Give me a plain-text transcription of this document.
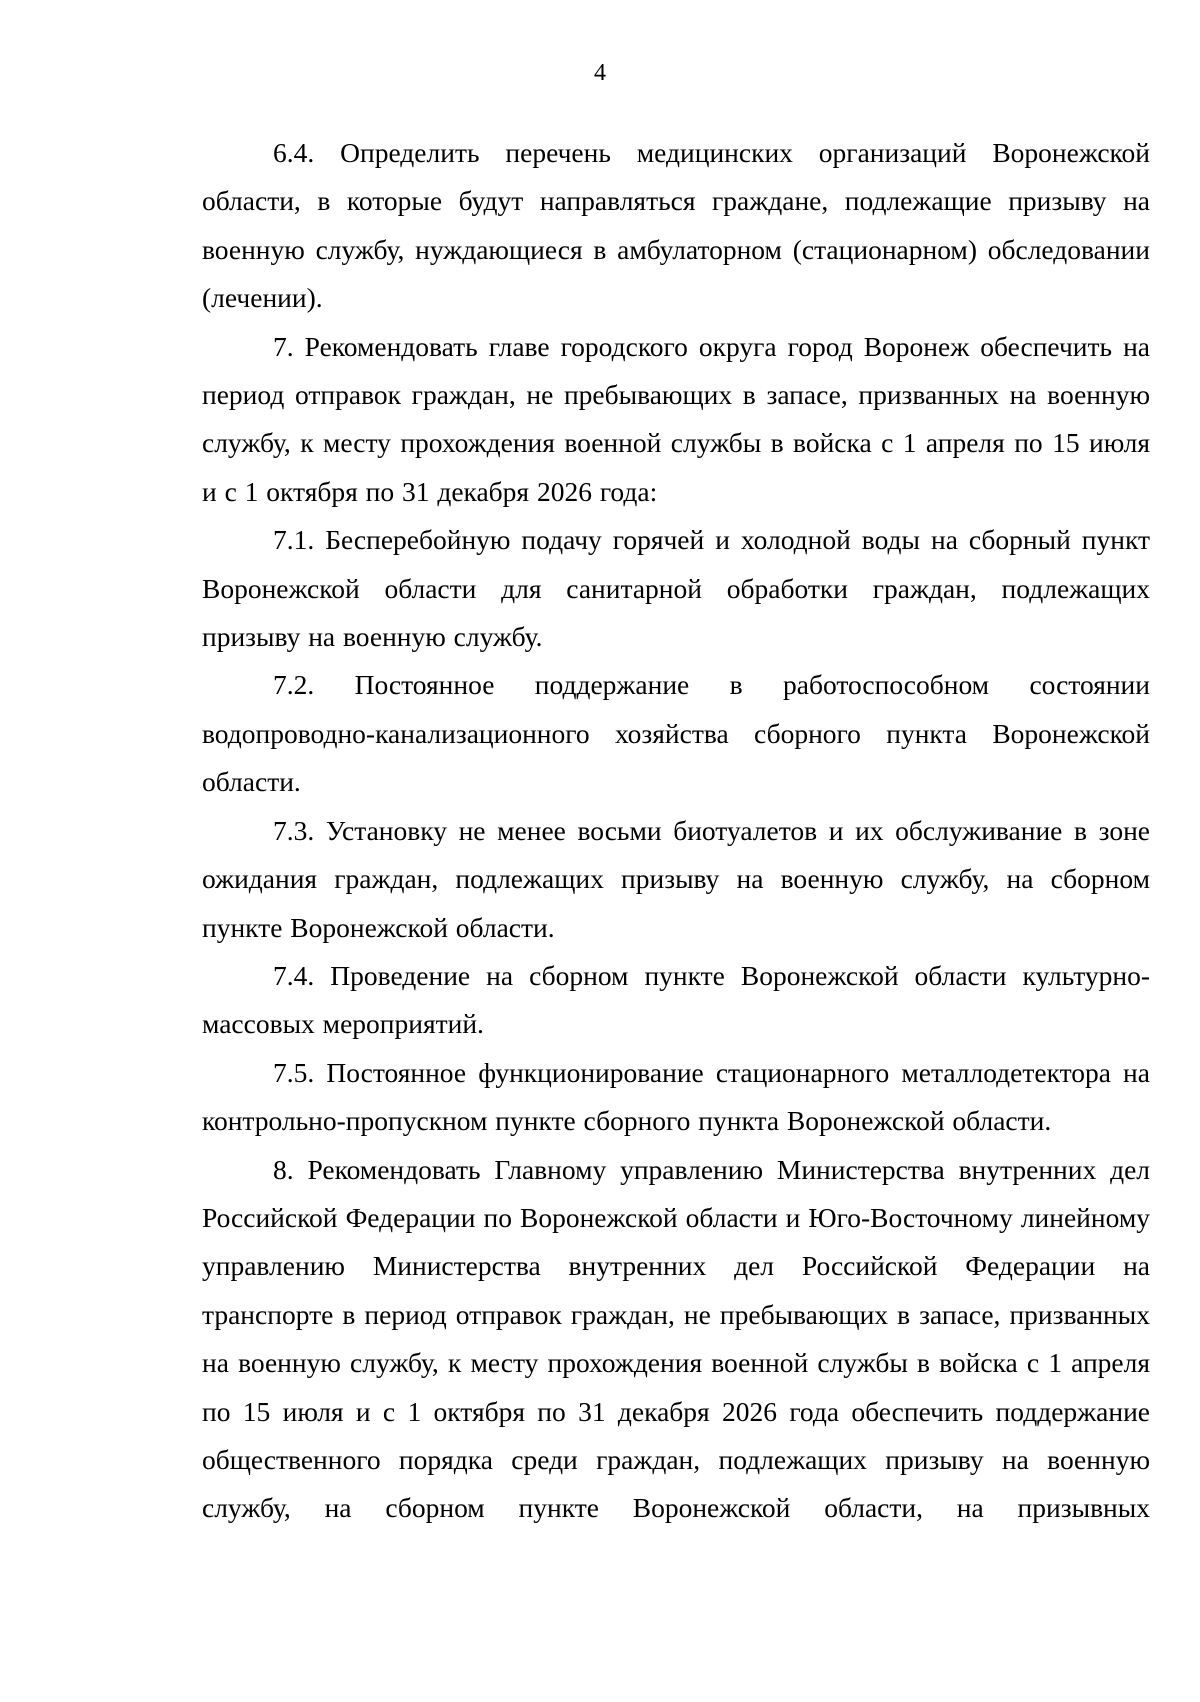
4

6.4. Определить перечень медицинских организаций Воронежской области, в которые будут направляться граждане, подлежащие призыву на военную службу, нуждающиеся в амбулаторном (стационарном) обследовании (лечении).

7. Рекомендовать главе городского округа город Воронеж обеспечить на период отправок граждан, не пребывающих в запасе, призванных на военную службу, к месту прохождения военной службы в войска с 1 апреля по 15 июля и с 1 октября по 31 декабря 2026 года:

7.1. Бесперебойную подачу горячей и холодной воды на сборный пункт Воронежской области для санитарной обработки граждан, подлежащих призыву на военную службу.

7.2. Постоянное поддержание в работоспособном состоянии водопроводно-канализационного хозяйства сборного пункта Воронежской области.

7.3. Установку не менее восьми биотуалетов и их обслуживание в зоне ожидания граждан, подлежащих призыву на военную службу, на сборном пункте Воронежской области.

7.4. Проведение на сборном пункте Воронежской области культурно-массовых мероприятий.

7.5. Постоянное функционирование стационарного металлодетектора на контрольно-пропускном пункте сборного пункта Воронежской области.

8. Рекомендовать Главному управлению Министерства внутренних дел Российской Федерации по Воронежской области и Юго-Восточному линейному управлению Министерства внутренних дел Российской Федерации на транспорте в период отправок граждан, не пребывающих в запасе, призванных на военную службу, к месту прохождения военной службы в войска с 1 апреля по 15 июля и с 1 октября по 31 декабря 2026 года обеспечить поддержание общественного порядка среди граждан, подлежащих призыву на военную службу, на сборном пункте Воронежской области, на призывных
